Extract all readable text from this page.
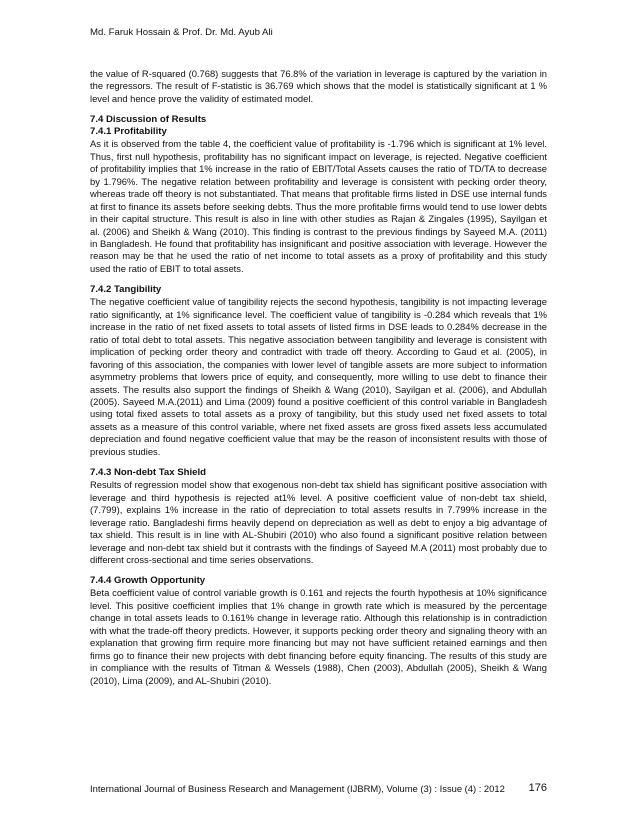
Md. Faruk Hossain & Prof. Dr. Md. Ayub Ali

the value of R-squared (0.768) suggests that 76.8% of the variation in leverage is captured by the variation in the regressors. The result of F-statistic is 36.769 which shows that the model is statistically significant at 1 % level and hence prove the validity of estimated model.

7.4 Discussion of Results
7.4.1 Profitability

As it is observed from the table 4, the coefficient value of profitability is -1.796 which is significant at 1% level. Thus, first null hypothesis, profitability has no significant impact on leverage, is rejected. Negative coefficient of profitability implies that 1% increase in the ratio of EBIT/Total Assets causes the ratio of TD/TA to decrease by 1.796%. The negative relation between profitability and leverage is consistent with pecking order theory, whereas trade off theory is not substantiated. That means that profitable firms listed in DSE use internal funds at first to finance its assets before seeking debts. Thus the more profitable firms would tend to use lower debts in their capital structure. This result is also in line with other studies as Rajan & Zingales (1995), Sayilgan et al. (2006) and Sheikh & Wang (2010). This finding is contrast to the previous findings by Sayeed M.A. (2011) in Bangladesh. He found that profitability has insignificant and positive association with leverage. However the reason may be that he used the ratio of net income to total assets as a proxy of profitability and this study used the ratio of EBIT to total assets.

7.4.2 Tangibility

The negative coefficient value of tangibility rejects the second hypothesis, tangibility is not impacting leverage ratio significantly, at 1% significance level. The coefficient value of tangibility is -0.284 which reveals that 1% increase in the ratio of net fixed assets to total assets of listed firms in DSE leads to 0.284% decrease in the ratio of total debt to total assets. This negative association between tangibility and leverage is consistent with implication of pecking order theory and contradict with trade off theory. According to Gaud et al. (2005), in favoring of this association, the companies with lower level of tangible assets are more subject to information asymmetry problems that lowers price of equity, and consequently, more willing to use debt to finance their assets. The results also support the findings of Sheikh & Wang (2010), Sayilgan et al. (2006), and Abdullah (2005). Sayeed M.A.(2011) and Lima (2009) found a positive coefficient of this control variable in Bangladesh using total fixed assets to total assets as a proxy of tangibility, but this study used net fixed assets to total assets as a measure of this control variable, where net fixed assets are gross fixed assets less accumulated depreciation and found negative coefficient value that may be the reason of inconsistent results with those of previous studies.

7.4.3 Non-debt Tax Shield

Results of regression model show that exogenous non-debt tax shield has significant positive association with leverage and third hypothesis is rejected at1% level. A positive coefficient value of non-debt tax shield, (7.799), explains 1% increase in the ratio of depreciation to total assets results in 7.799% increase in the leverage ratio. Bangladeshi firms heavily depend on depreciation as well as debt to enjoy a big advantage of tax shield. This result is in line with AL-Shubiri (2010) who also found a significant positive relation between leverage and non-debt tax shield but it contrasts with the findings of Sayeed M.A (2011) most probably due to different cross-sectional and time series observations.

7.4.4 Growth Opportunity

Beta coefficient value of control variable growth is 0.161 and rejects the fourth hypothesis at 10% significance level. This positive coefficient implies that 1% change in growth rate which is measured by the percentage change in total assets leads to 0.161% change in leverage ratio. Although this relationship is in contradiction with what the trade-off theory predicts. However, it supports pecking order theory and signaling theory with an explanation that growing firm require more financing but may not have sufficient retained earnings and then firms go to finance their new projects with debt financing before equity financing. The results of this study are in compliance with the results of Titman & Wessels (1988), Chen (2003), Abdullah (2005), Sheikh & Wang (2010), Lima (2009), and AL-Shubiri (2010).

International Journal of Business Research and Management (IJBRM), Volume (3) : Issue (4) : 2012 176
